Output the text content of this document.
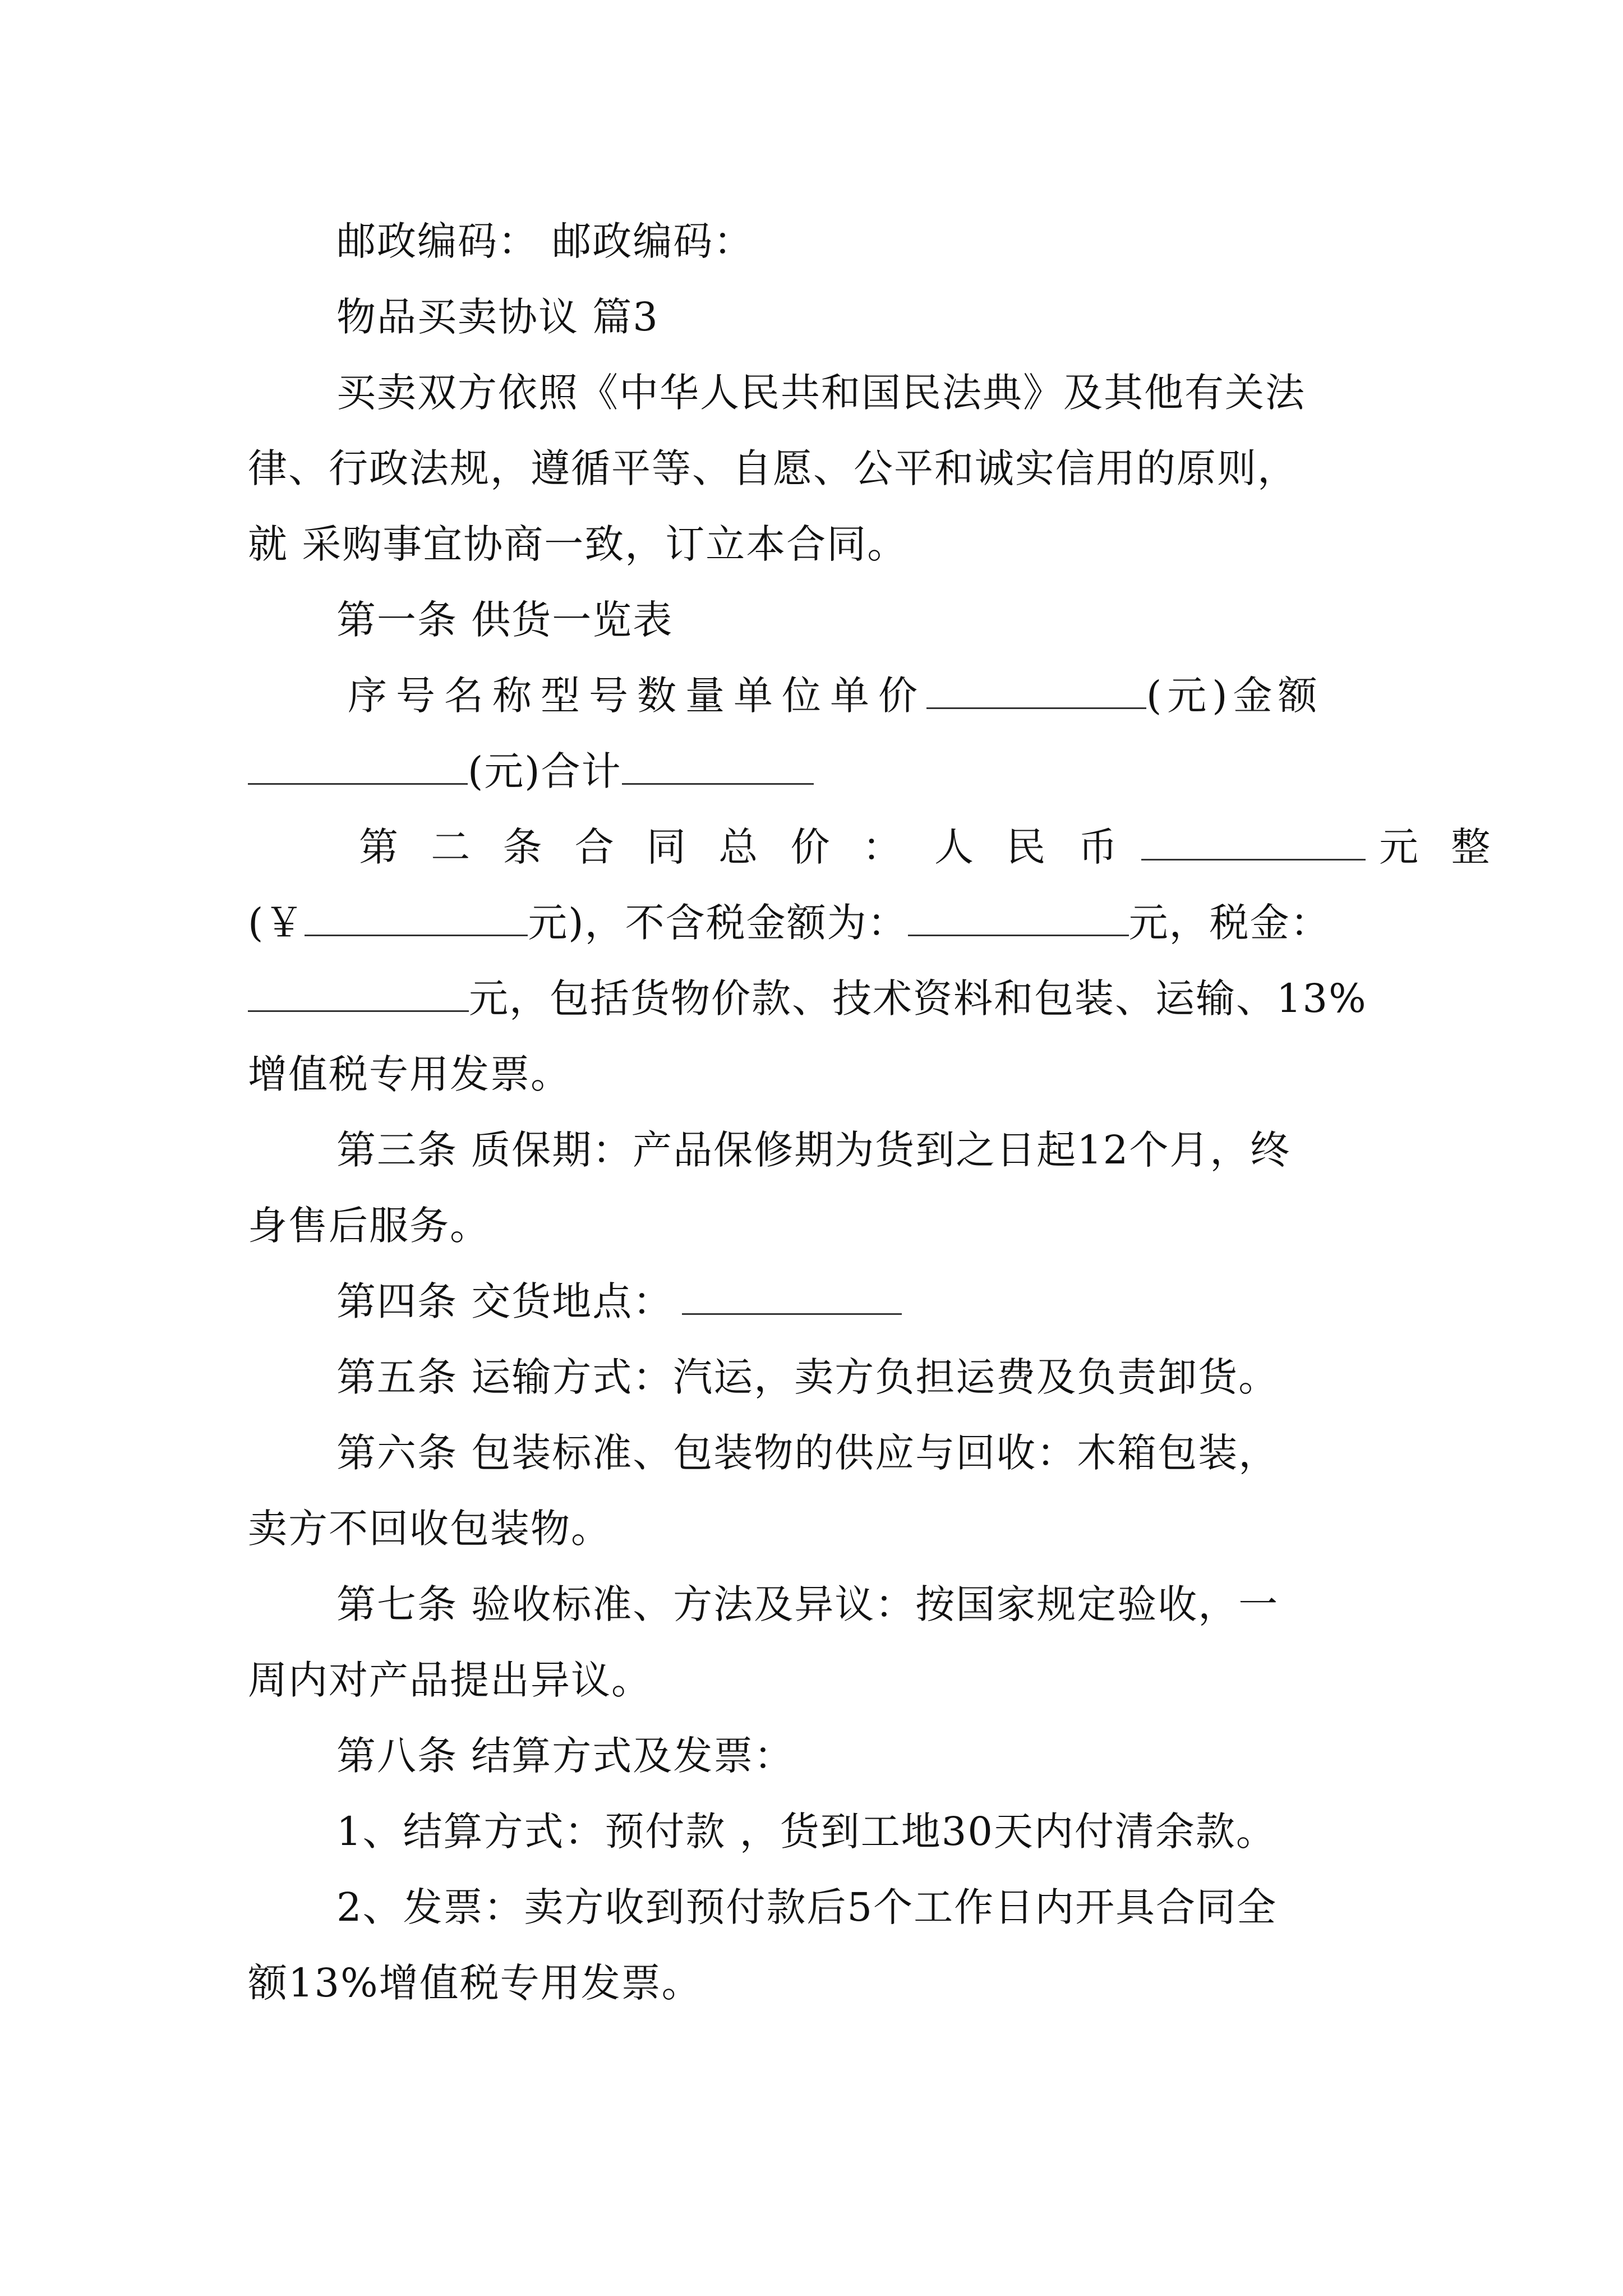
邮政编码： 邮政编码：
物品买卖协议 篇3
买卖双方依照《中华人民共和国民法典》及其他有关法
律、行政法规，遵循平等、自愿、公平和诚实信用的原则，
就 采购事宜协商一致，订立本合同。
第一条 供货一览表
序号名称型号数量单位单价	(元)金额
(元)合计
第 二 条 合 同 总 价 ： 人 民 币	元 整
(￥	元)，不含税金额为：	元，税金：
元，包括货物价款、技术资料和包装、运输、13%
增值税专用发票。
第三条 质保期：产品保修期为货到之日起12个月，终
身售后服务。
第四条 交货地点：
第五条 运输方式：汽运，卖方负担运费及负责卸货。
第六条 包装标准、包装物的供应与回收：木箱包装，
卖方不回收包装物。
第七条 验收标准、方法及异议：按国家规定验收，一
周内对产品提出异议。
第八条 结算方式及发票：
1、结算方式：预付款 ，货到工地30天内付清余款。
2、发票：卖方收到预付款后5个工作日内开具合同全
额13%增值税专用发票。
